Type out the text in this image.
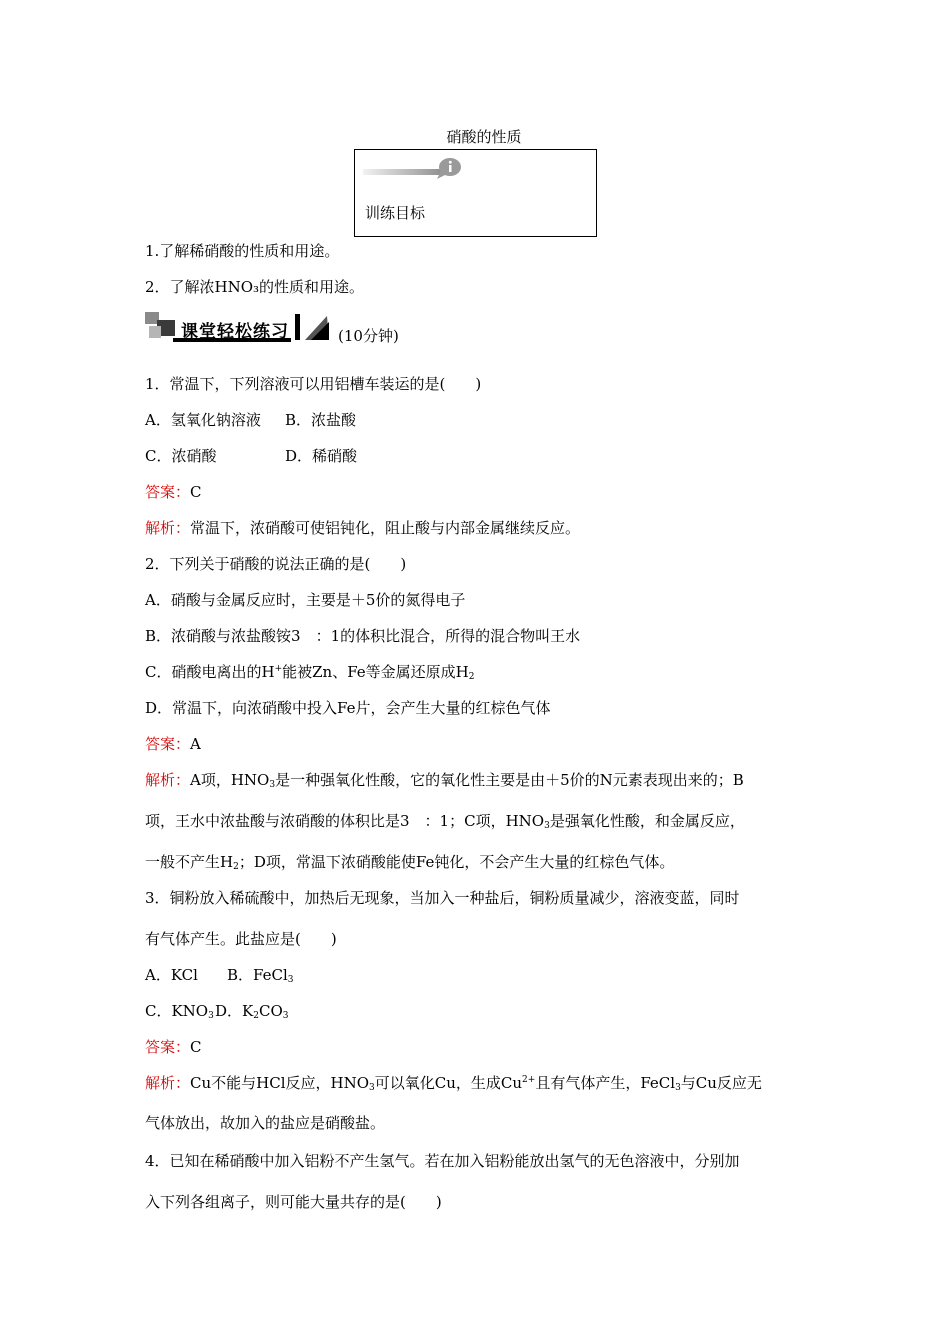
硝酸的性质
训练目标
1.了解稀硝酸的性质和用途。
2．了解浓HNO₃的性质和用途。
课堂轻松练习	(10分钟)
1．常温下，下列溶液可以用铝槽车装运的是(　　)
A．氢氧化钠溶液 B．浓盐酸
C．浓硝酸	D．稀硝酸
答案：C
解析：常温下，浓硝酸可使铝钝化，阻止酸与内部金属继续反应。
2．下列关于硝酸的说法正确的是(　　)
A．硝酸与金属反应时，主要是＋5价的氮得电子
B．浓硝酸与浓盐酸铵3　：1的体积比混合，所得的混合物叫王水
C．硝酸电离出的H+能被Zn、Fe等金属还原成$H_2$
D．常温下，向浓硝酸中投入Fe片，会产生大量的红棕色气体
答案：A
解析：A项，$HNO_3$是一种强氧化性酸，它的氧化性主要是由＋5价的N元素表现出来的；B
项，王水中浓盐酸与浓硝酸的体积比是3　：1；C项，$HNO_3$是强氧化性酸，和金属反应，
一般不产生$H_2$；D项，常温下浓硝酸能使Fe钝化，不会产生大量的红棕色气体。
3．铜粉放入稀硫酸中，加热后无现象，当加入一种盐后，铜粉质量减少，溶液变蓝，同时
有气体产生。此盐应是(　　)
A．KCl B．FeCl$_3$
C．$KNO_3$ D．$K_2CO_3$
答案：C
解析：Cu不能与HCl反应，$HNO_3$可以氧化Cu，生成$Cu^{2+}$且有气体产生，FeCl$_3$与Cu反应无
气体放出，故加入的盐应是硝酸盐。
4．已知在稀硝酸中加入铝粉不产生氢气。若在加入铝粉能放出氢气的无色溶液中，分别加
入下列各组离子，则可能大量共存的是(　　)
